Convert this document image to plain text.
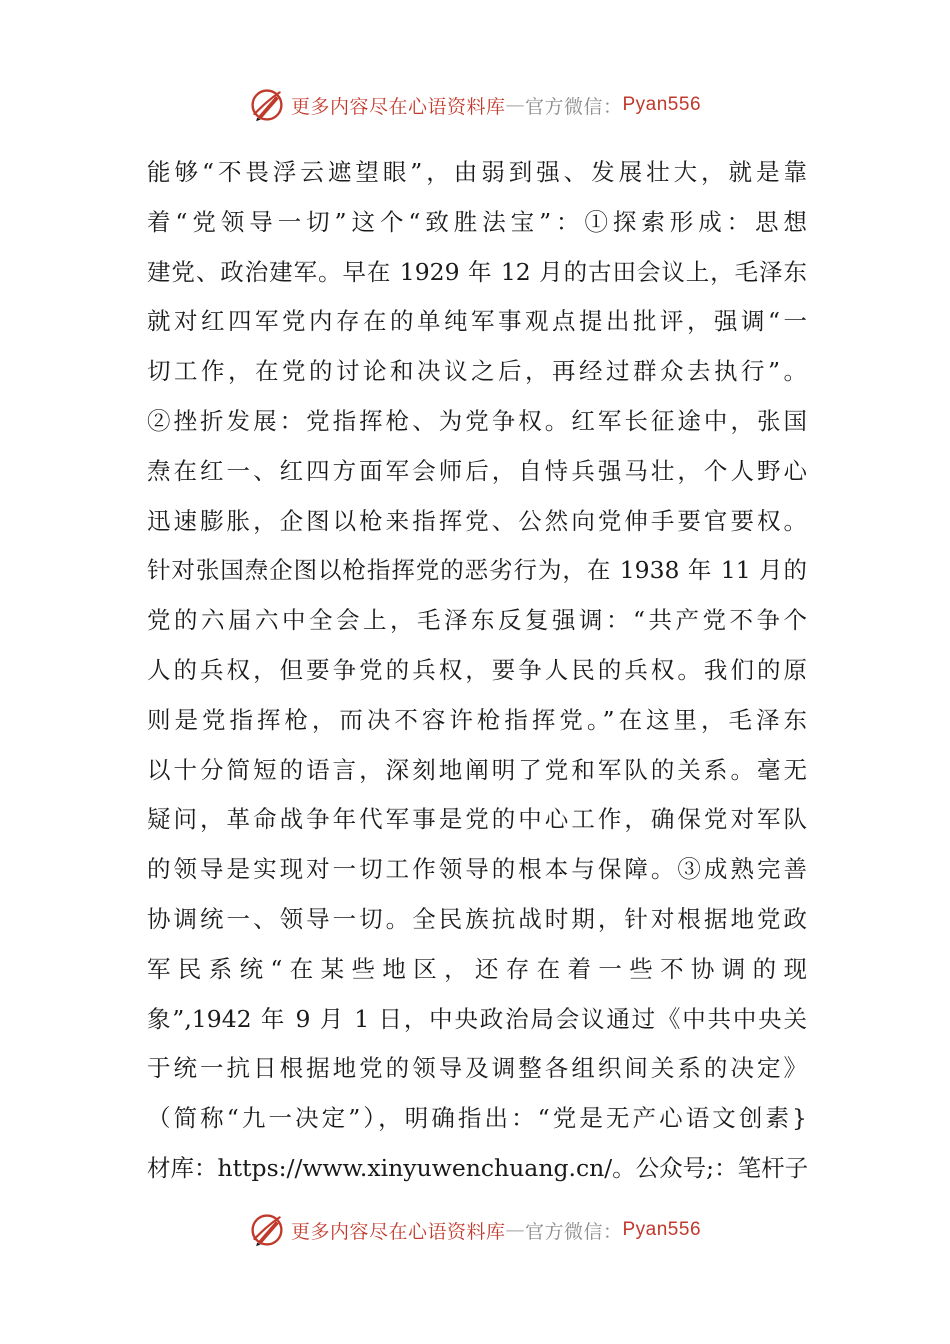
更多内容尽在心语资料库 — 官方微信： Pyan556
能够“不畏浮云遮望眼”，由弱到强、发展壮大，就是靠
着“党领导一切”这个“致胜法宝”：①探索形成：思想
建党、政治建军。早在 1929 年 12 月的古田会议上，毛泽东
就对红四军党内存在的单纯军事观点提出批评，强调“一
切工作，在党的讨论和决议之后，再经过群众去执行”。
②挫折发展：党指挥枪、为党争权。红军长征途中，张国
焘在红一、红四方面军会师后，自恃兵强马壮，个人野心
迅速膨胀，企图以枪来指挥党、公然向党伸手要官要权。
针对张国焘企图以枪指挥党的恶劣行为，在 1938 年 11 月的
党的六届六中全会上，毛泽东反复强调：“共产党不争个
人的兵权，但要争党的兵权，要争人民的兵权。我们的原
则是党指挥枪，而决不容许枪指挥党。”在这里，毛泽东
以十分简短的语言，深刻地阐明了党和军队的关系。毫无
疑问，革命战争年代军事是党的中心工作，确保党对军队
的领导是实现对一切工作领导的根本与保障。③成熟完善
协调统一、领导一切。全民族抗战时期，针对根据地党政
军民系统“在某些地区，还存在着一些不协调的现
象”,1942 年 9 月 1 日，中央政治局会议通过《中共中央关
于统一抗日根据地党的领导及调整各组织间关系的决定》
（简称“九一决定”），明确指出：“党是无产心语文创素}
材库：https://www.xinyuwenchuang.cn/。公众号;：笔杆子
更多内容尽在心语资料库 — 官方微信： Pyan556
